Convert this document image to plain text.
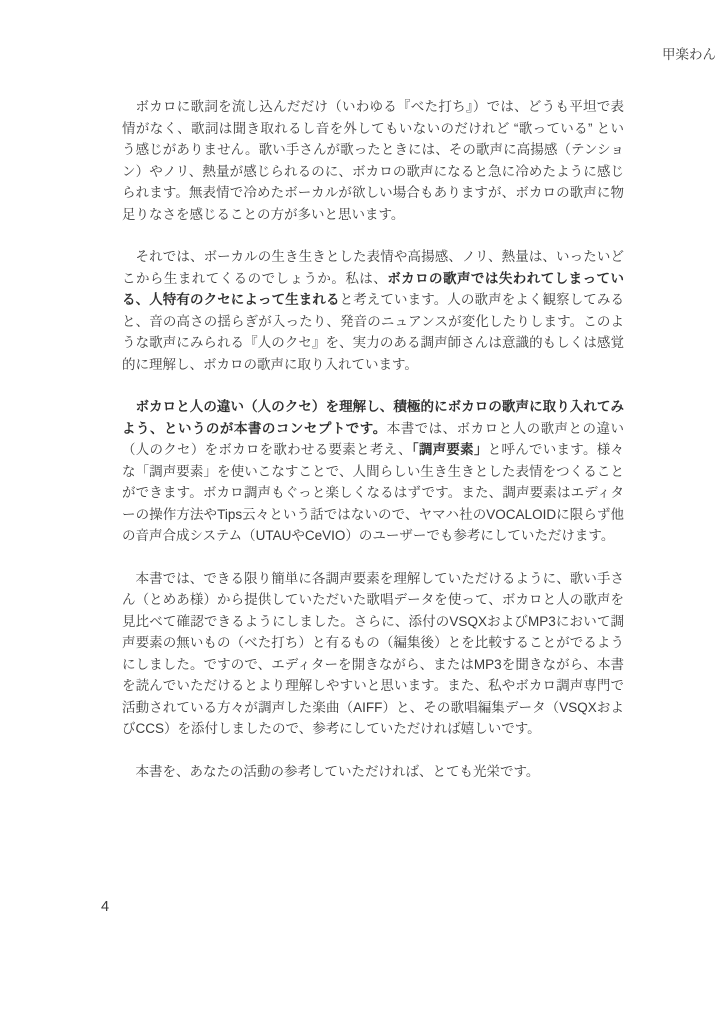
ボカロに歌詞を流し込んだだけ（いわゆる『べた打ち』）では、どうも平坦で表情がなく、歌詞は聞き取れるし音を外してもいないのだけれど “歌っている” という感じがありません。歌い手さんが歌ったときには、その歌声に高揚感（テンション）やノリ、熱量が感じられるのに、ボカロの歌声になると急に冷めたように感じられます。無表情で冷めたボーカルが欲しい場合もありますが、ボカロの歌声に物足りなさを感じることの方が多いと思います。

それでは、ボーカルの生き生きとした表情や高揚感、ノリ、熱量は、いったいどこから生まれてくるのでしょうか。私は、ボカロの歌声では失われてしまっている、人特有のクセによって生まれると考えています。人の歌声をよく観察してみると、音の高さの揺らぎが入ったり、発音のニュアンスが変化したりします。このような歌声にみられる『人のクセ』を、実力のある調声師さんは意識的もしくは感覚的に理解し、ボカロの歌声に取り入れています。

ボカロと人の違い（人のクセ）を理解し、積極的にボカロの歌声に取り入れてみよう、というのが本書のコンセプトです。本書では、ボカロと人の歌声との違い（人のクセ）をボカロを歌わせる要素と考え、「調声要素」と呼んでいます。様々な「調声要素」を使いこなすことで、人間らしい生き生きとした表情をつくることができます。ボカロ調声もぐっと楽しくなるはずです。また、調声要素はエディターの操作方法やTips云々という話ではないので、ヤマハ社のVOCALOIDに限らず他の音声合成システム（UTAUやCeVIO）のユーザーでも参考にしていただけます。

本書では、できる限り簡単に各調声要素を理解していただけるように、歌い手さん（とめあ様）から提供していただいた歌唱データを使って、ボカロと人の歌声を見比べて確認できるようにしました。さらに、添付のVSQXおよびMP3において調声要素の無いもの（べた打ち）と有るもの（編集後）とを比較することがでるようにしました。ですので、エディターを開きながら、またはMP3を聞きながら、本書を読んでいただけるとより理解しやすいと思います。また、私やボカロ調声専門で活動されている方々が調声した楽曲（AIFF）と、その歌唱編集データ（VSQXおよびCCS）を添付しましたので、参考にしていただければ嬉しいです。

本書を、あなたの活動の参考していただければ、とても光栄です。

甲楽わん
4
